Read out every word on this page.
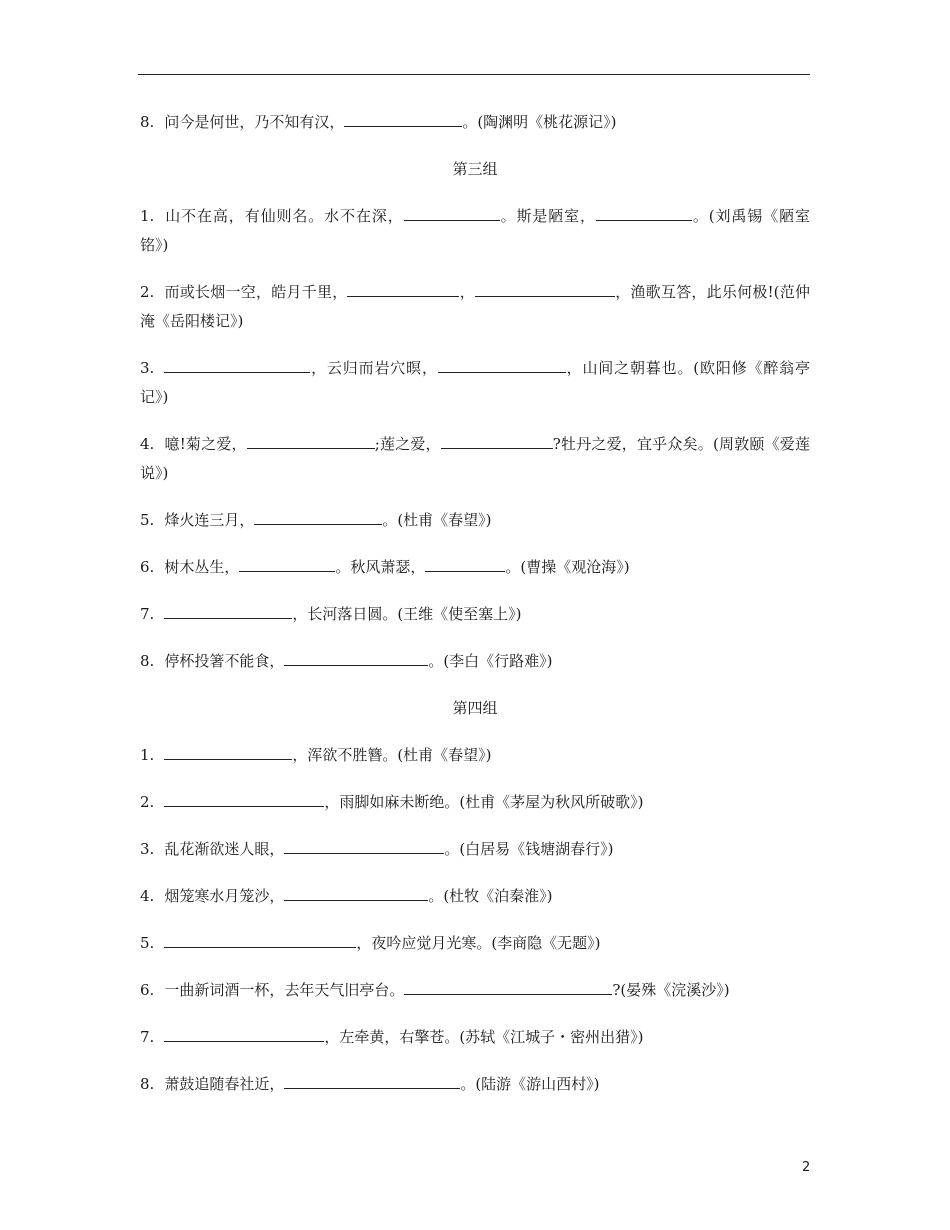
8. 问今是何世，乃不知有汉，	。(陶渊明《桃花源记》)
第三组
1. 山不在高，有仙则名。水不在深，	。斯是陋室，	。(刘禹锡《陋室铭》)
2. 而或长烟一空，皓月千里，	，	，渔歌互答，此乐何极!(范仲淹《岳阳楼记》)
3.	，云归而岩穴暝，	，山间之朝暮也。(欧阳修《醉翁亭记》)
4. 噫!菊之爱，	;莲之爱，	?牡丹之爱，宜乎众矣。(周敦颐《爱莲说》)
5. 烽火连三月，	。(杜甫《春望》)
6. 树木丛生，	。秋风萧瑟，	。(曹操《观沧海》)
7.	，长河落日圆。(王维《使至塞上》)
8. 停杯投箸不能食，	。(李白《行路难》)
第四组
1.	，浑欲不胜簪。(杜甫《春望》)
2.	，雨脚如麻未断绝。(杜甫《茅屋为秋风所破歌》)
3. 乱花渐欲迷人眼，	。(白居易《钱塘湖春行》)
4. 烟笼寒水月笼沙，	。(杜牧《泊秦淮》)
5.	，夜吟应觉月光寒。(李商隐《无题》)
6. 一曲新词酒一杯，去年天气旧亭台。	?(晏殊《浣溪沙》)
7.	，左牵黄，右擎苍。(苏轼《江城子・密州出猎》)
8. 萧鼓追随春社近，	。(陆游《游山西村》)
2
